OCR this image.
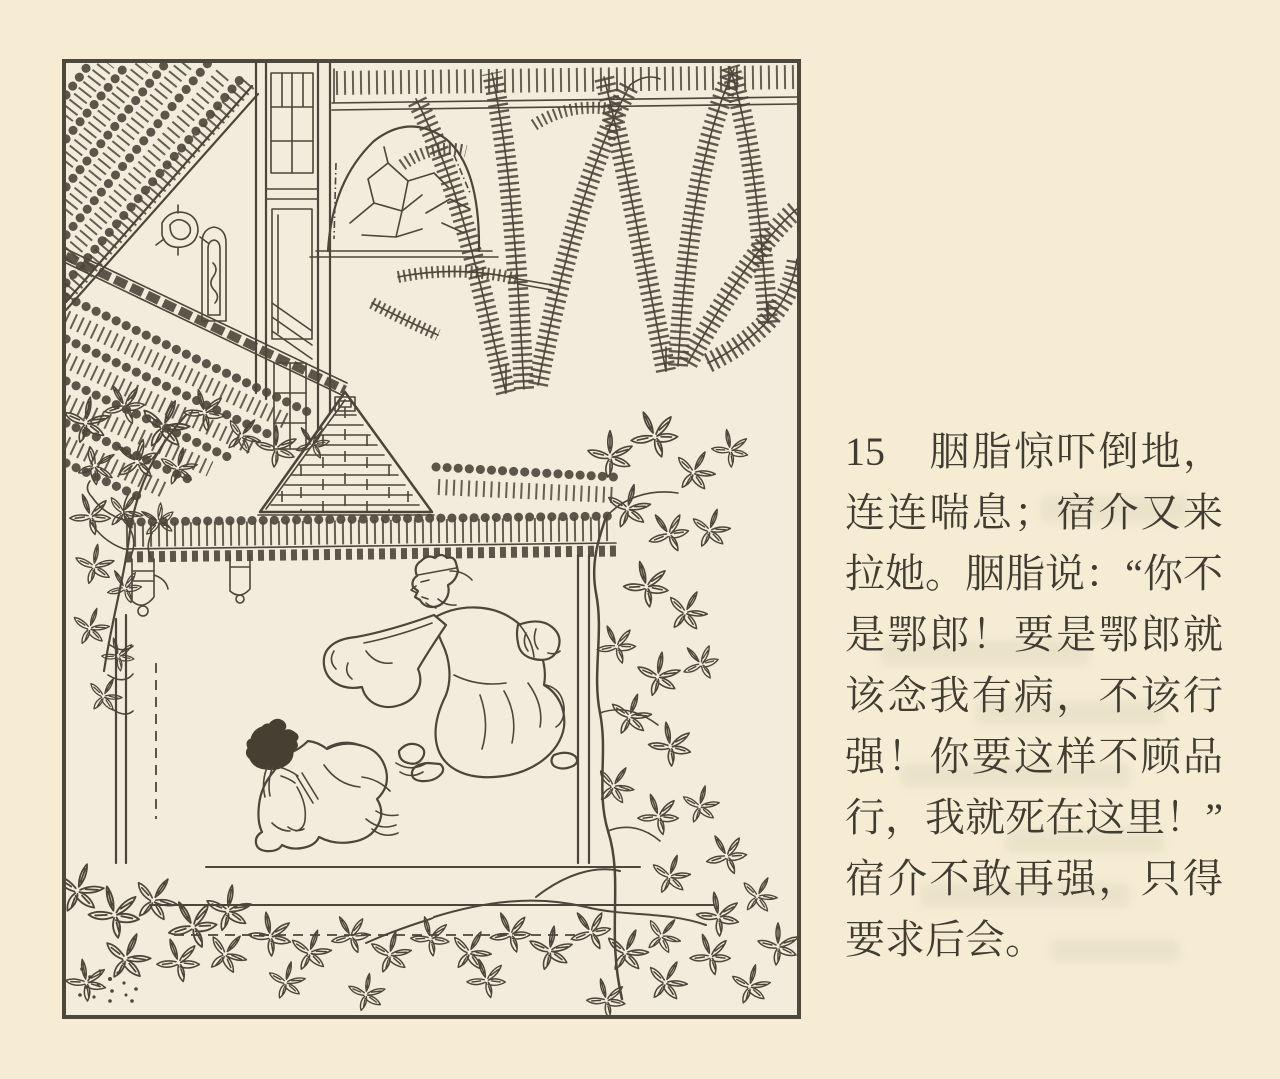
15　胭脂惊吓倒地，
连连喘息；宿介又来
拉她。胭脂说：“你不
是鄂郎！要是鄂郎就
该念我有病，不该行
强！你要这样不顾品
行，我就死在这里！”
宿介不敢再强，只得
要求后会。
